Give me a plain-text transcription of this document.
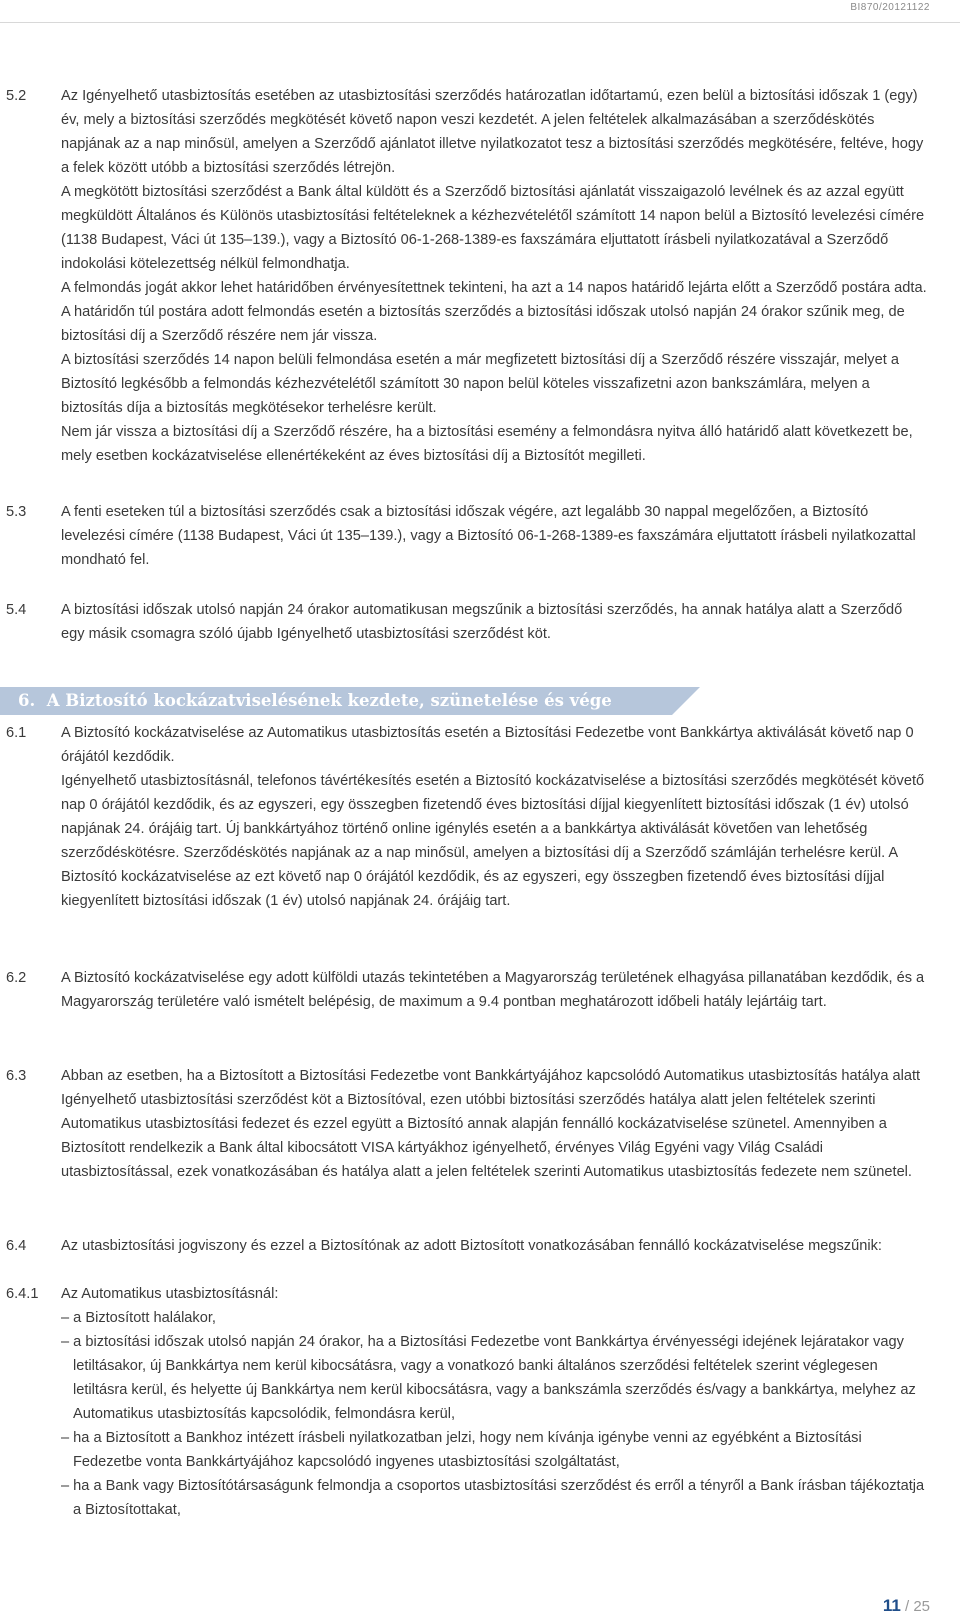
BI870/20121122
5.2 Az Igényelhető utasbiztosítás esetében az utasbiztosítási szerződés határozatlan időtartamú, ezen belül a biztosítási időszak 1 (egy) év, mely a biztosítási szerződés megkötését követő napon veszi kezdetét. A jelen feltételek alkalmazásában a szerződéskötés napjának az a nap minősül, amelyen a Szerződő ajánlatot illetve nyilatkozatot tesz a biztosítási szerződés megkötésére, feltéve, hogy a felek között utóbb a biztosítási szerződés létrejön.

A megkötött biztosítási szerződést a Bank által küldött és a Szerződő biztosítási ajánlatát visszaigazoló levélnek és az azzal együtt megküldött Általános és Különös utasbiztosítási feltételeknek a kézhezvételétől számított 14 napon belül a Biztosító levelezési címére (1138 Budapest, Váci út 135–139.), vagy a Biztosító 06-1-268-1389-es faxszámára eljuttatott írásbeli nyilatkozatával a Szerződő indokolási kötelezettség nélkül felmondhatja.

A felmondás jogát akkor lehet határidőben érvényesítettnek tekinteni, ha azt a 14 napos határidő lejárta előtt a Szerződő postára adta. A határidőn túl postára adott felmondás esetén a biztosítás szerződés a biztosítási időszak utolsó napján 24 órakor szűnik meg, de biztosítási díj a Szerződő részére nem jár vissza.

A biztosítási szerződés 14 napon belüli felmondása esetén a már megfizetett biztosítási díj a Szerződő részére visszajár, melyet a Biztosító legkésőbb a felmondás kézhezvételétől számított 30 napon belül köteles visszafizetni azon bankszámlára, melyen a biztosítás díja a biztosítás megkötésekor terhelésre került.

Nem jár vissza a biztosítási díj a Szerződő részére, ha a biztosítási esemény a felmondásra nyitva álló határidő alatt következett be, mely esetben kockázatviselése ellenértékeként az éves biztosítási díj a Biztosítót megilleti.

5.3 A fenti eseteken túl a biztosítási szerződés csak a biztosítási időszak végére, azt legalább 30 nappal megelőzően, a Biztosító levelezési címére (1138 Budapest, Váci út 135–139.), vagy a Biztosító 06-1-268-1389-es faxszámára eljuttatott írásbeli nyilatkozattal mondható fel.

5.4 A biztosítási időszak utolsó napján 24 órakor automatikusan megszűnik a biztosítási szerződés, ha annak hatálya alatt a Szerződő egy másik csomagra szóló újabb Igényelhető utasbiztosítási szerződést köt.

6. A Biztosító kockázatviselésének kezdete, szünetelése és vége
6.1 A Biztosító kockázatviselése az Automatikus utasbiztosítás esetén a Biztosítási Fedezetbe vont Bankkártya aktiválását követő nap 0 órájától kezdődik.

Igényelhető utasbiztosításnál, telefonos távértékesítés esetén a Biztosító kockázatviselése a biztosítási szerződés megkötését követő nap 0 órájától kezdődik, és az egyszeri, egy összegben fizetendő éves biztosítási díjjal kiegyenlített biztosítási időszak (1 év) utolsó napjának 24. órájáig tart. Új bankkártyához történő online igénylés esetén a a bankkártya aktiválását követően van lehetőség szerződéskötésre. Szerződéskötés napjának az a nap minősül, amelyen a biztosítási díj a Szerződő számláján terhelésre kerül. A Biztosító kockázatviselése az ezt követő nap 0 órájától kezdődik, és az egyszeri, egy összegben fizetendő éves biztosítási díjjal kiegyenlített biztosítási időszak (1 év) utolsó napjának 24. órájáig tart.

6.2 A Biztosító kockázatviselése egy adott külföldi utazás tekintetében a Magyarország területének elhagyása pillanatában kezdődik, és a Magyarország területére való ismételt belépésig, de maximum a 9.4 pontban meghatározott időbeli hatály lejártáig tart.

6.3 Abban az esetben, ha a Biztosított a Biztosítási Fedezetbe vont Bankkártyájához kapcsolódó Automatikus utasbiztosítás hatálya alatt Igényelhető utasbiztosítási szerződést köt a Biztosítóval, ezen utóbbi biztosítási szerződés hatálya alatt jelen feltételek szerinti Automatikus utasbiztosítási fedezet és ezzel együtt a Biztosító annak alapján fennálló kockázatviselése szünetel. Amennyiben a Biztosított rendelkezik a Bank által kibocsátott VISA kártyákhoz igényelhető, érvényes Világ Egyéni vagy Világ Családi utasbiztosítással, ezek vonatkozásában és hatálya alatt a jelen feltételek szerinti Automatikus utasbiztosítás fedezete nem szünetel.

6.4 Az utasbiztosítási jogviszony és ezzel a Biztosítónak az adott Biztosított vonatkozásában fennálló kockázatviselése megszűnik:

6.4.1 Az Automatikus utasbiztosításnál:

– a Biztosított halálakor,

– a biztosítási időszak utolsó napján 24 órakor, ha a Biztosítási Fedezetbe vont Bankkártya érvényességi idejének lejáratakor vagy letiltásakor, új Bankkártya nem kerül kibocsátásra, vagy a vonatkozó banki általános szerződési feltételek szerint véglegesen letiltásra kerül, és helyette új Bankkártya nem kerül kibocsátásra, vagy a bankszámla szerződés és/vagy a bankkártya, melyhez az Automatikus utasbiztosítás kapcsolódik, felmondásra kerül,

– ha a Biztosított a Bankhoz intézett írásbeli nyilatkozatban jelzi, hogy nem kívánja igénybe venni az egyébként a Biztosítási Fedezetbe vonta Bankkártyájához kapcsolódó ingyenes utasbiztosítási szolgáltatást,

– ha a Bank vagy Biztosítótársaságunk felmondja a csoportos utasbiztosítási szerződést és erről a tényről a Bank írásban tájékoztatja a Biztosítottakat,

11 / 25
